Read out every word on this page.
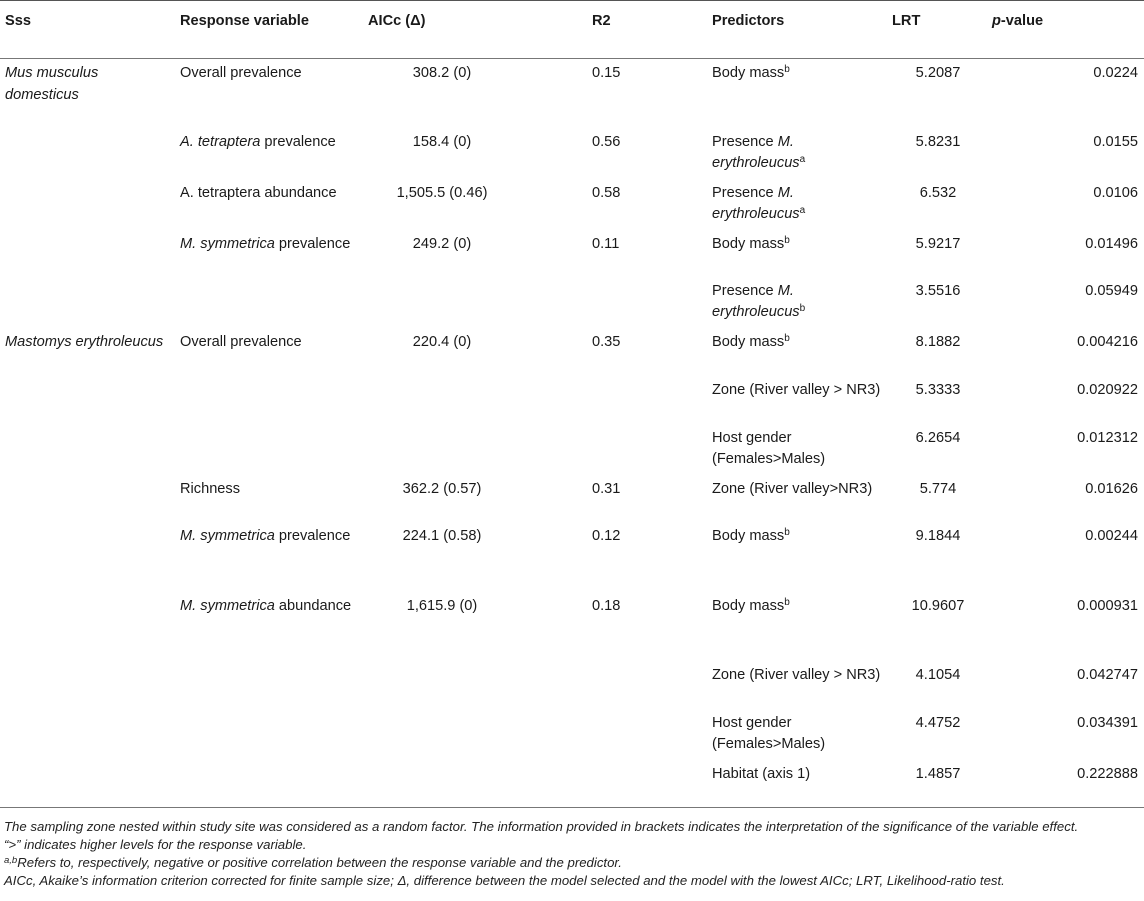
Sss	Response variable	AICc (Δ)	R2	Predictors	LRT	p-value
Mus musculus domesticus	Overall prevalence	308.2 (0)	0.15	Body mass$^b$	5.2087	0.0224
	A. tetraptera prevalence	158.4 (0)	0.56	Presence M. erythroleucus$^a$	5.8231	0.0155
	A. tetraptera abundance	1,505.5 (0.46)	0.58	Presence M. erythroleucus$^a$	6.532	0.0106
	M. symmetrica prevalence	249.2 (0)	0.11	Body mass$^b$	5.9217	0.01496
				Presence M. erythroleucus$^b$	3.5516	0.05949
Mastomys erythroleucus	Overall prevalence	220.4 (0)	0.35	Body mass$^b$	8.1882	0.004216
				Zone (River valley > NR3)	5.3333	0.020922
				Host gender (Females>Males)	6.2654	0.012312
	Richness	362.2 (0.57)	0.31	Zone (River valley>NR3)	5.774	0.01626
	M. symmetrica prevalence	224.1 (0.58)	0.12	Body mass$^b$	9.1844	0.00244
	M. symmetrica abundance	1,615.9 (0)	0.18	Body mass$^b$	10.9607	0.000931
				Zone (River valley > NR3)	4.1054	0.042747
				Host gender (Females>Males)	4.4752	0.034391
				Habitat (axis 1)	1.4857	0.222888

The sampling zone nested within study site was considered as a random factor. The information provided in brackets indicates the interpretation of the significance of the variable effect.

“>” indicates higher levels for the response variable.

$^{a,b}$Refers to, respectively, negative or positive correlation between the response variable and the predictor.

AICc, Akaike’s information criterion corrected for finite sample size; Δ, difference between the model selected and the model with the lowest AICc; LRT, Likelihood-ratio test.
